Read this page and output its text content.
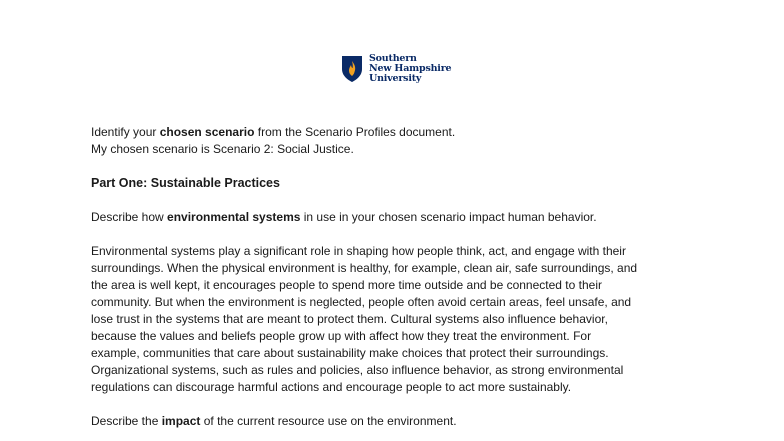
Southern
New Hampshire
University

Identify your chosen scenario from the Scenario Profiles document.

My chosen scenario is Scenario 2: Social Justice.

Part One: Sustainable Practices

Describe how environmental systems in use in your chosen scenario impact human behavior.

Environmental systems play a significant role in shaping how people think, act, and engage with their

surroundings. When the physical environment is healthy, for example, clean air, safe surroundings, and

the area is well kept, it encourages people to spend more time outside and be connected to their

community. But when the environment is neglected, people often avoid certain areas, feel unsafe, and

lose trust in the systems that are meant to protect them. Cultural systems also influence behavior,

because the values and beliefs people grow up with affect how they treat the environment. For

example, communities that care about sustainability make choices that protect their surroundings.

Organizational systems, such as rules and policies, also influence behavior, as strong environmental

regulations can discourage harmful actions and encourage people to act more sustainably.

Describe the impact of the current resource use on the environment.
